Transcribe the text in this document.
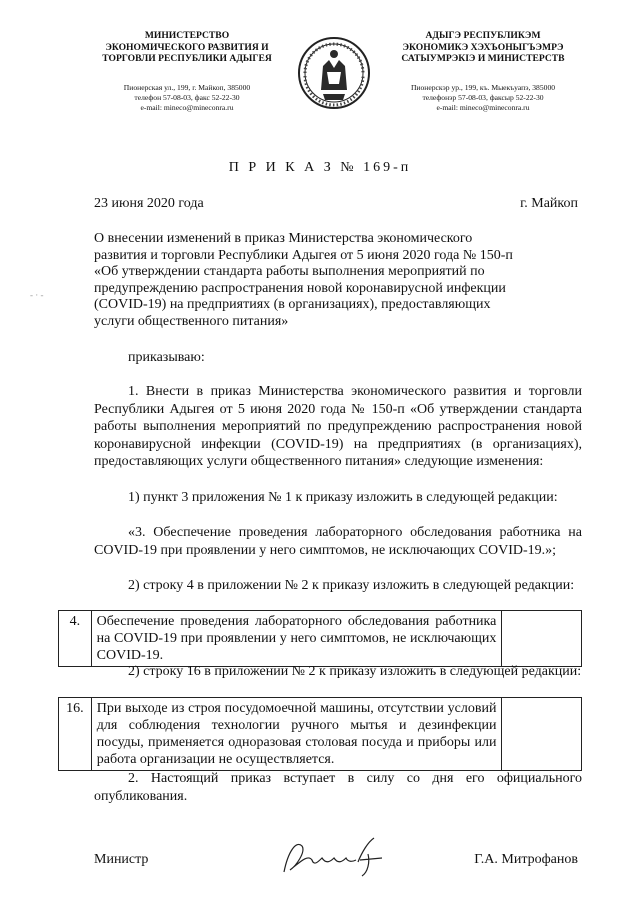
МИНИСТЕРСТВО
ЭКОНОМИЧЕСКОГО РАЗВИТИЯ И
ТОРГОВЛИ РЕСПУБЛИКИ АДЫГЕЯ
Пионерская ул., 199, г. Майкоп, 385000
телефон 57-08-03, факс 52-22-30
e-mail: mineco@mineconra.ru
АДЫГЭ РЕСПУБЛИКЭМ
ЭКОНОМИКЭ ХЭХЪОНЫГЪЭМРЭ
САТЫУМРЭКІЭ И МИНИСТЕРСТВ
Пионерскэр ур., 199, къ. Мыекъуапэ, 385000
телефонэр 57-08-03, факсыр 52-22-30
e-mail: mineco@mineconra.ru
П Р И К А З № 169-п
23 июня 2020 года	г. Майкоп
О внесении изменений в приказ Министерства экономического развития и торговли Республики Адыгея от 5 июня 2020 года № 150-п «Об утверждении стандарта работы выполнения мероприятий по предупреждению распространения новой коронавирусной инфекции (COVID-19) на предприятиях (в организациях), предоставляющих услуги общественного питания»
- · -
приказываю:
1. Внести в приказ Министерства экономического развития и торговли Республики Адыгея от 5 июня 2020 года № 150-п «Об утверждении стандарта работы выполнения мероприятий по предупреждению распространения новой коронавирусной инфекции (COVID-19) на предприятиях (в организациях), предоставляющих услуги общественного питания» следующие изменения:
1) пункт 3 приложения № 1 к приказу изложить в следующей редакции:
«3. Обеспечение проведения лабораторного обследования работника на COVID-19 при проявлении у него симптомов, не исключающих COVID-19.»;
2) строку 4 в приложении № 2 к приказу изложить в следующей редакции:
4.	Обеспечение проведения лабораторного обследования работника на COVID-19 при проявлении у него симптомов, не исключающих COVID-19.	
2) строку 16 в приложении № 2 к приказу изложить в следующей редакции:
16.	При выходе из строя посудомоечной машины, отсутствии условий для соблюдения технологии ручного мытья и дезинфекции посуды, применяется одноразовая столовая посуда и приборы или работа организации не осуществляется.	
2. Настоящий приказ вступает в силу со дня его официального опубликования.
Министр	Г.А. Митрофанов
